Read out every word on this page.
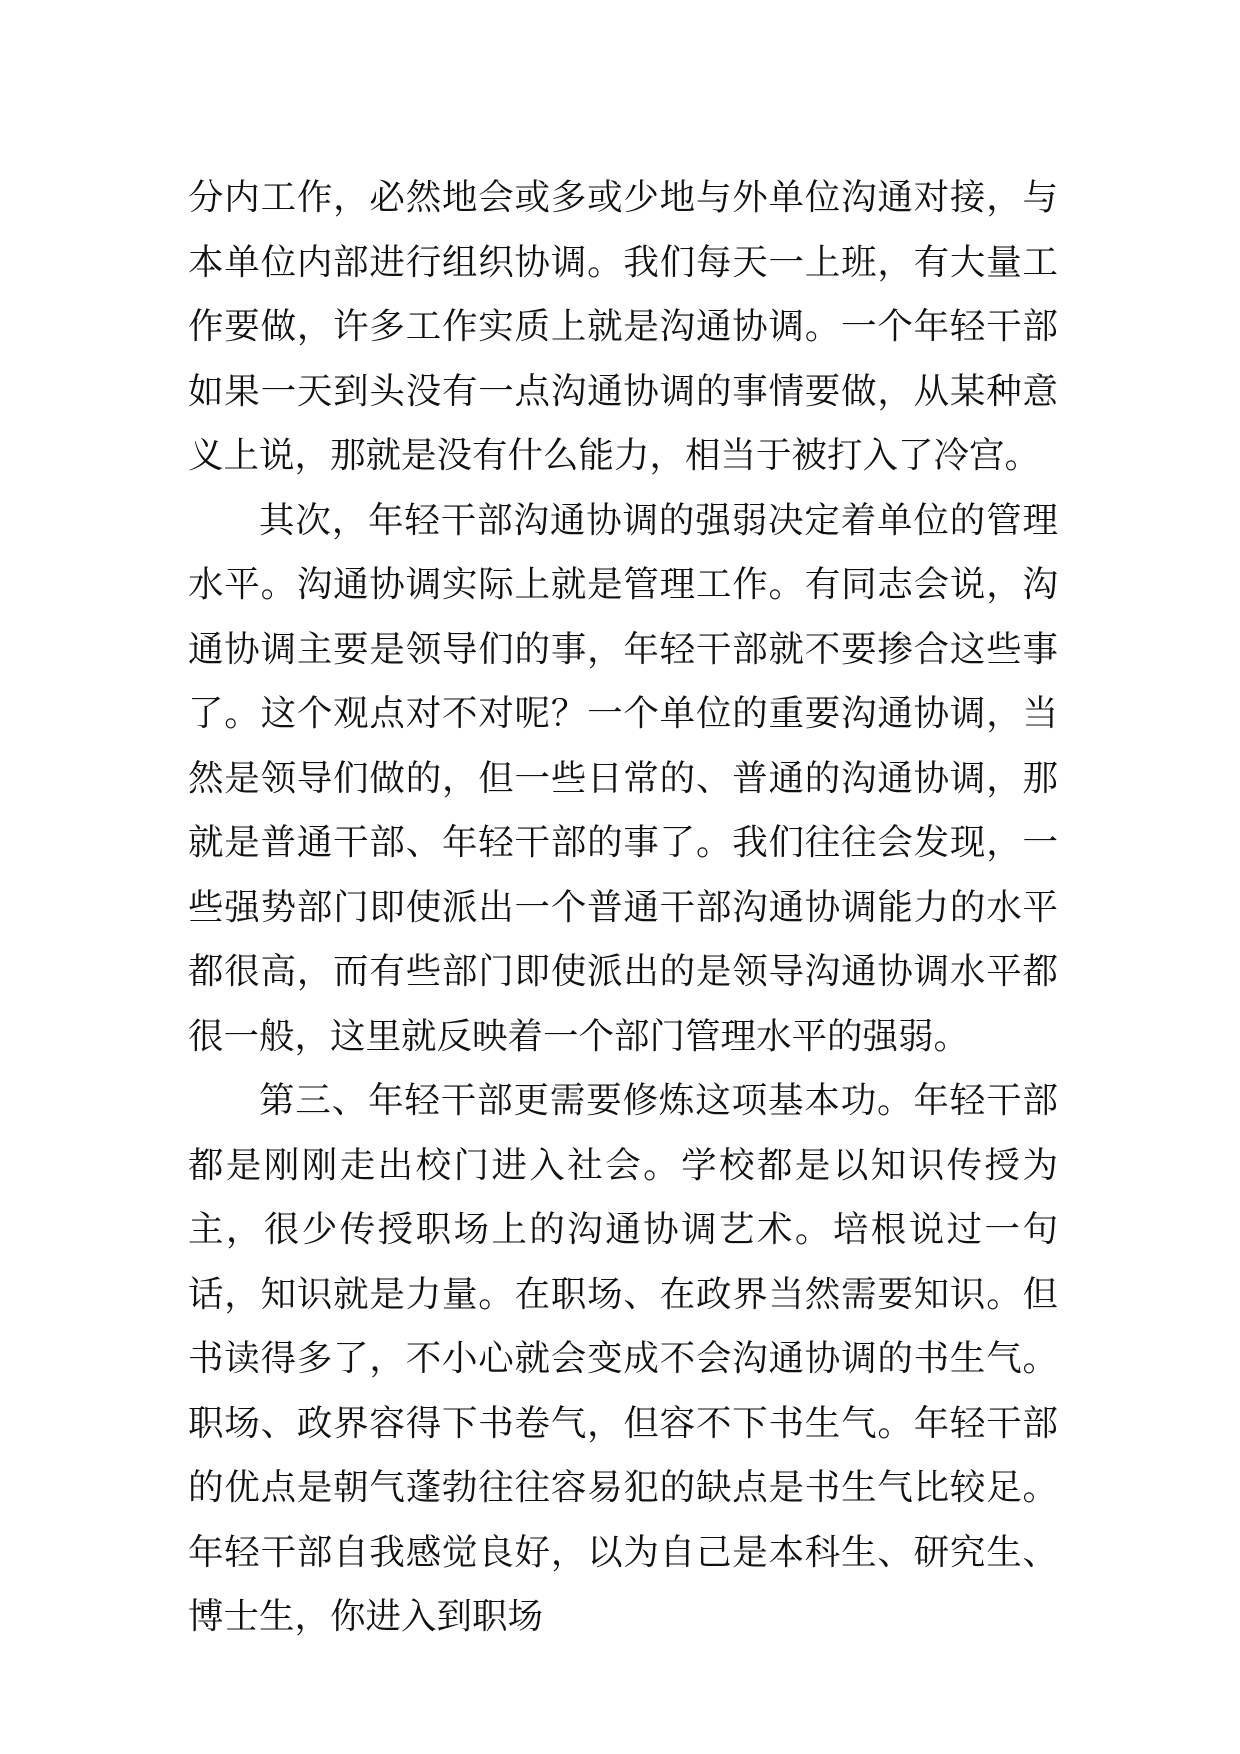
分内工作，必然地会或多或少地与外单位沟通对接，与本单位内部进行组织协调。我们每天一上班，有大量工作要做，许多工作实质上就是沟通协调。一个年轻干部如果一天到头没有一点沟通协调的事情要做，从某种意义上说，那就是没有什么能力，相当于被打入了冷宫。

其次，年轻干部沟通协调的强弱决定着单位的管理水平。沟通协调实际上就是管理工作。有同志会说，沟通协调主要是领导们的事，年轻干部就不要掺合这些事了。这个观点对不对呢？一个单位的重要沟通协调，当然是领导们做的，但一些日常的、普通的沟通协调，那就是普通干部、年轻干部的事了。我们往往会发现，一些强势部门即使派出一个普通干部沟通协调能力的水平都很高，而有些部门即使派出的是领导沟通协调水平都很一般，这里就反映着一个部门管理水平的强弱。

第三、年轻干部更需要修炼这项基本功。年轻干部都是刚刚走出校门进入社会。学校都是以知识传授为主，很少传授职场上的沟通协调艺术。培根说过一句话，知识就是力量。在职场、在政界当然需要知识。但书读得多了，不小心就会变成不会沟通协调的书生气。职场、政界容得下书卷气，但容不下书生气。年轻干部的优点是朝气蓬勃往往容易犯的缺点是书生气比较足。年轻干部自我感觉良好，以为自己是本科生、研究生、博士生，你进入到职场
